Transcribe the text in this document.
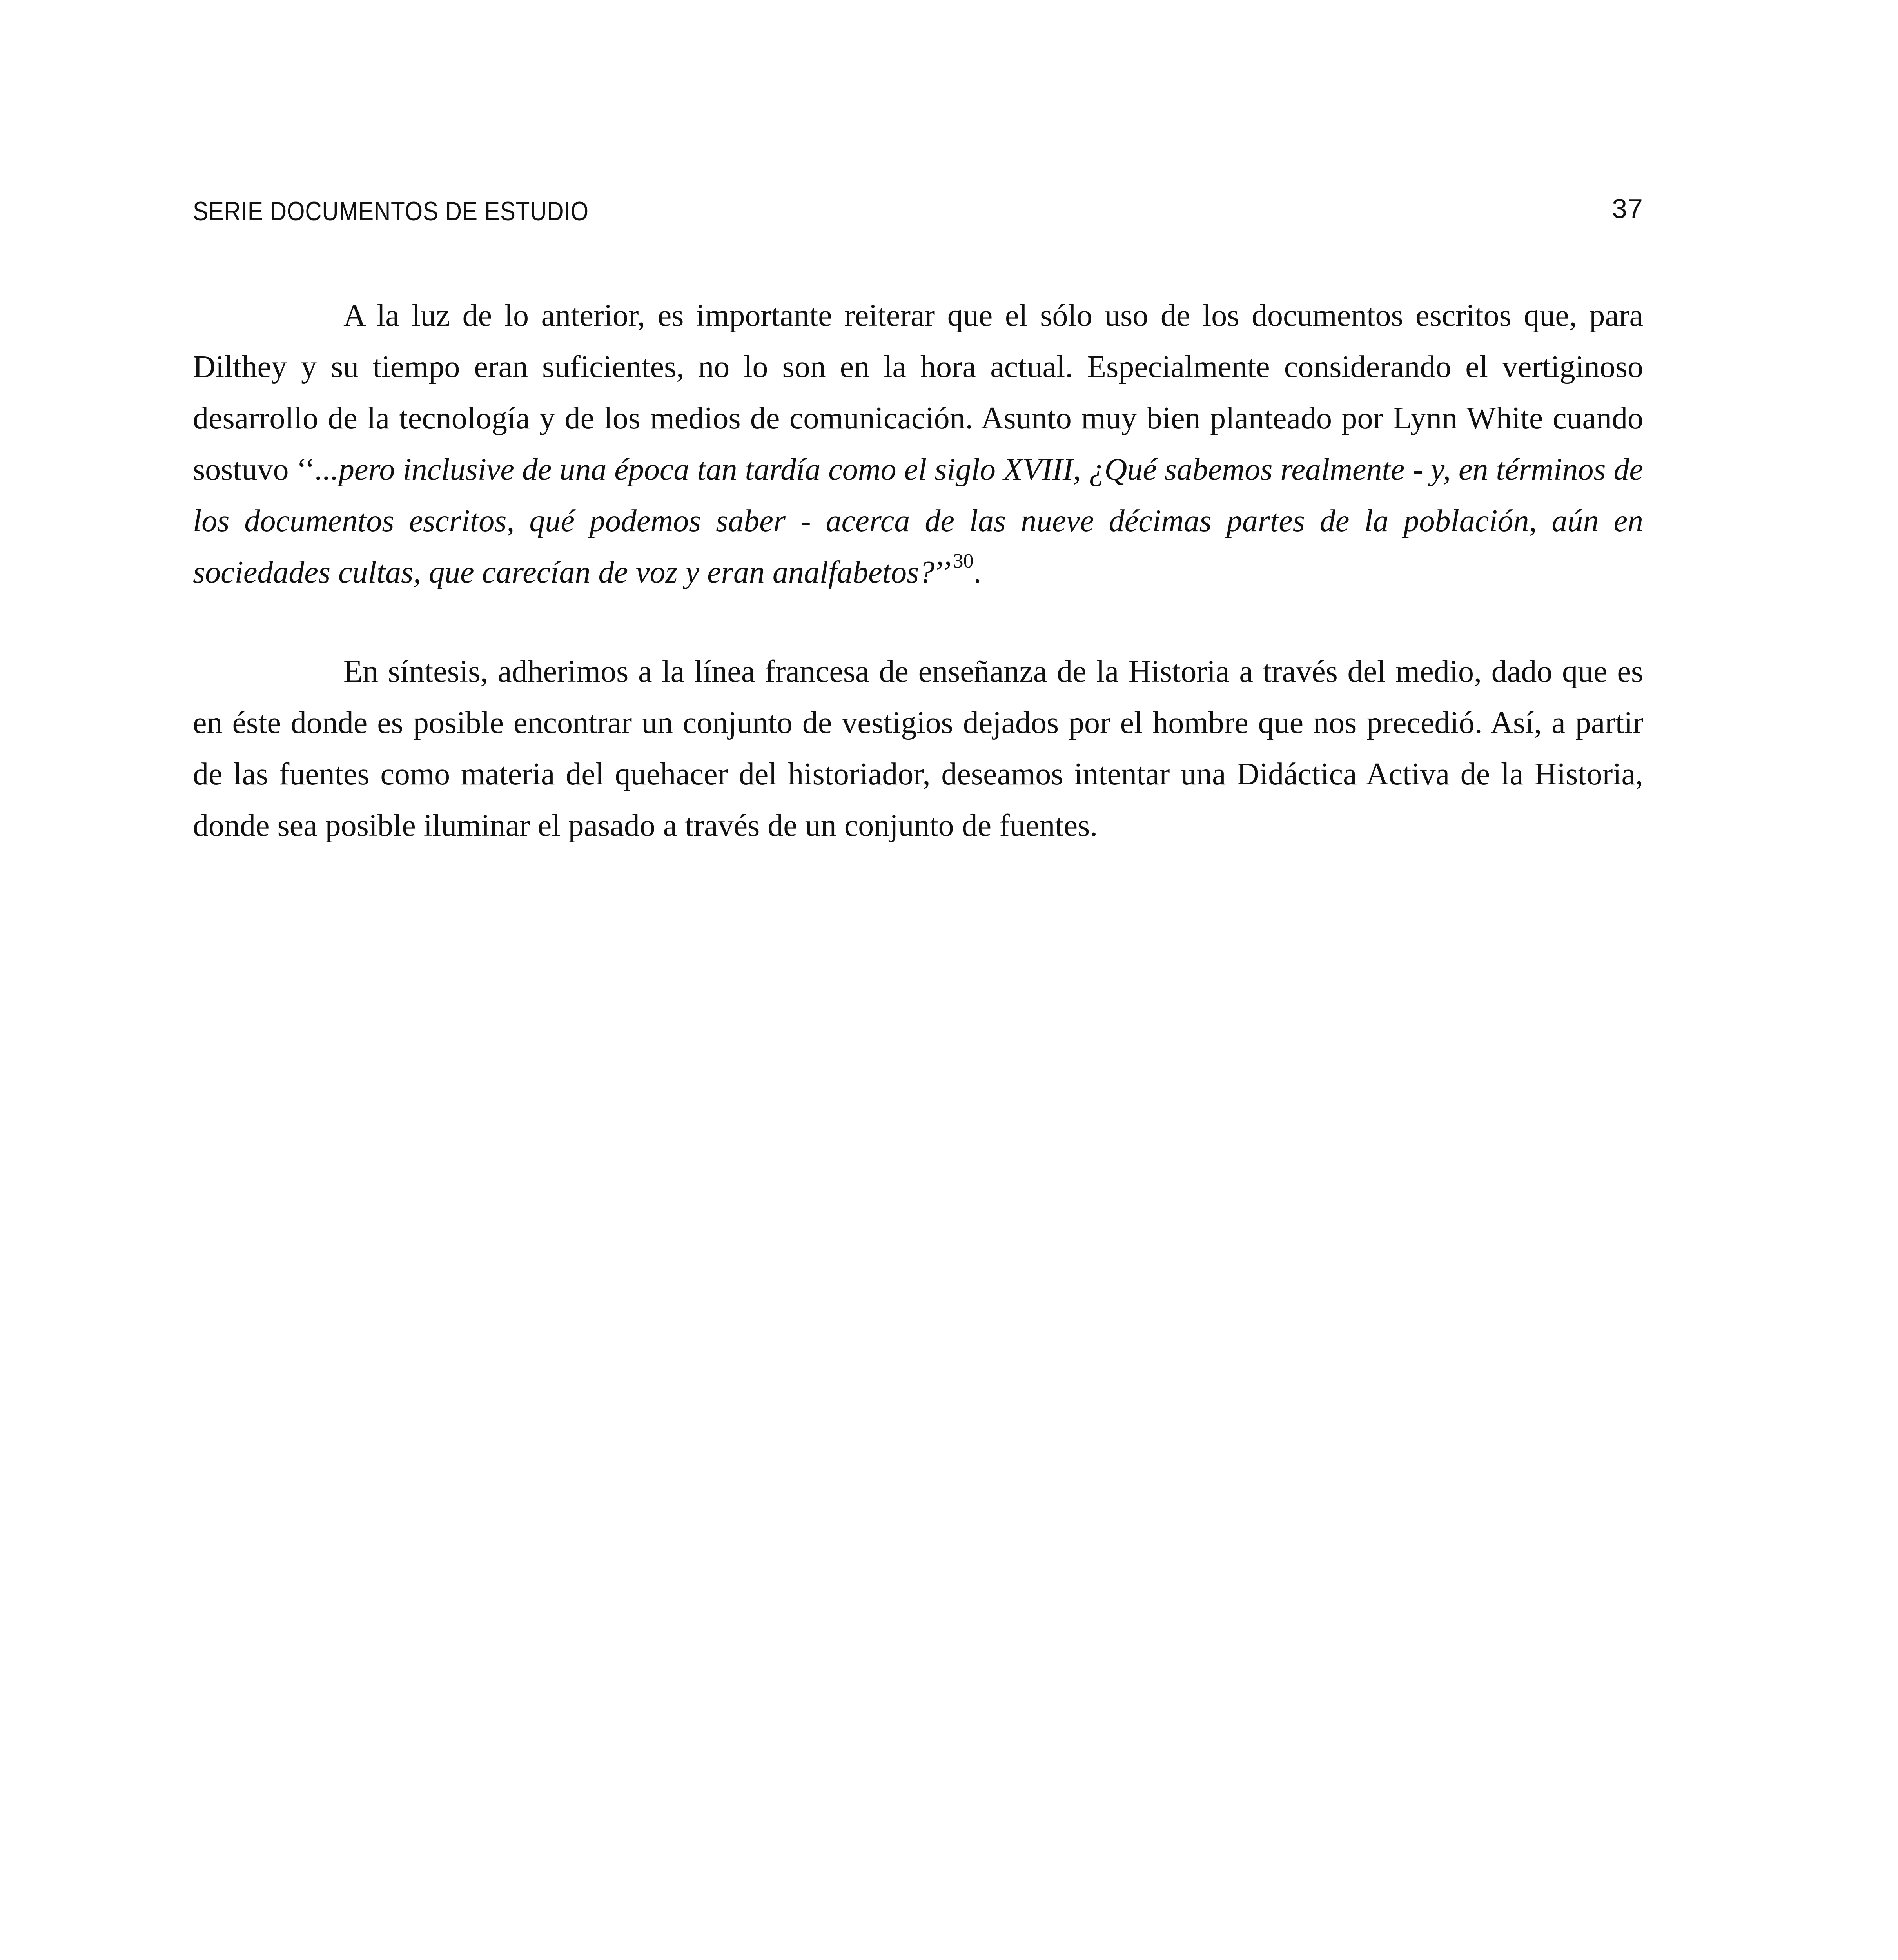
SERIE DOCUMENTOS DE ESTUDIO	37

A la luz de lo anterior, es importante reiterar que el sólo uso de los documentos escritos que, para Dilthey y su tiempo eran suficientes, no lo son en la hora actual. Especialmente considerando el vertiginoso desarrollo de la tecnología y de los medios de comunicación. Asunto muy bien planteado por Lynn White cuando sostuvo ‘‘...pero inclusive de una época tan tardía como el siglo XVIII, ¿Qué sabemos realmente - y, en términos de los documentos escritos, qué podemos saber - acerca de las nueve décimas partes de la población, aún en sociedades cultas, que carecían de voz y eran analfabetos?’’$^{30}$.

En síntesis, adherimos a la línea francesa de enseñanza de la Historia a través del medio, dado que es en éste donde es posible encontrar un conjunto de vestigios dejados por el hombre que nos precedió. Así, a partir de las fuentes como materia del quehacer del historiador, deseamos intentar una Didáctica Activa de la Historia, donde sea posible iluminar el pasado a través de un conjunto de fuentes.
